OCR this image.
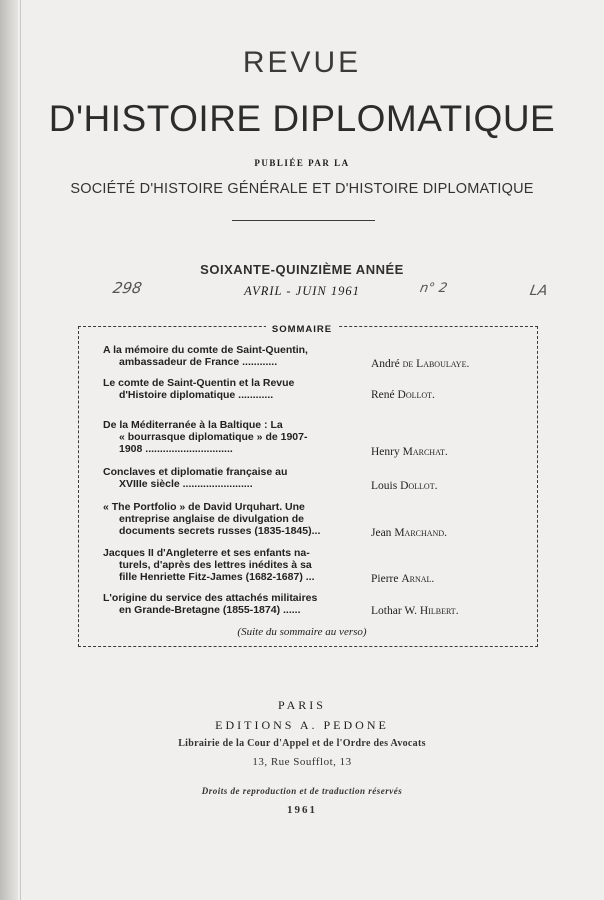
REVUE
D'HISTOIRE DIPLOMATIQUE
PUBLIÉE PAR LA
SOCIÉTÉ D'HISTOIRE GÉNÉRALE ET D'HISTOIRE DIPLOMATIQUE
SOIXANTE-QUINZIÈME ANNÉE
AVRIL - JUIN 1961
298	n° 2	LA
SOMMAIRE
A la mémoire du comte de Saint-Quentin,
ambassadeur de France ............	André de Laboulaye.
Le comte de Saint-Quentin et la Revue
d'Histoire diplomatique ............	René Dollot.
De la Méditerranée à la Baltique : La
« bourrasque diplomatique » de 1907-
1908 ..............................	Henry Marchat.
Conclaves et diplomatie française au
XVIIIe siècle ........................	Louis Dollot.
« The Portfolio » de David Urquhart. Une
entreprise anglaise de divulgation de
documents secrets russes (1835-1845)...	Jean Marchand.
Jacques II d'Angleterre et ses enfants na-
turels, d'après des lettres inédites à sa
fille Henriette Fitz-James (1682-1687) ...	Pierre Arnal.
L'origine du service des attachés militaires
en Grande-Bretagne (1855-1874) ......	Lothar W. Hilbert.
(Suite du sommaire au verso)
PARIS
EDITIONS A. PEDONE
Librairie de la Cour d'Appel et de l'Ordre des Avocats
13, Rue Soufflot, 13
Droits de reproduction et de traduction réservés
1961
